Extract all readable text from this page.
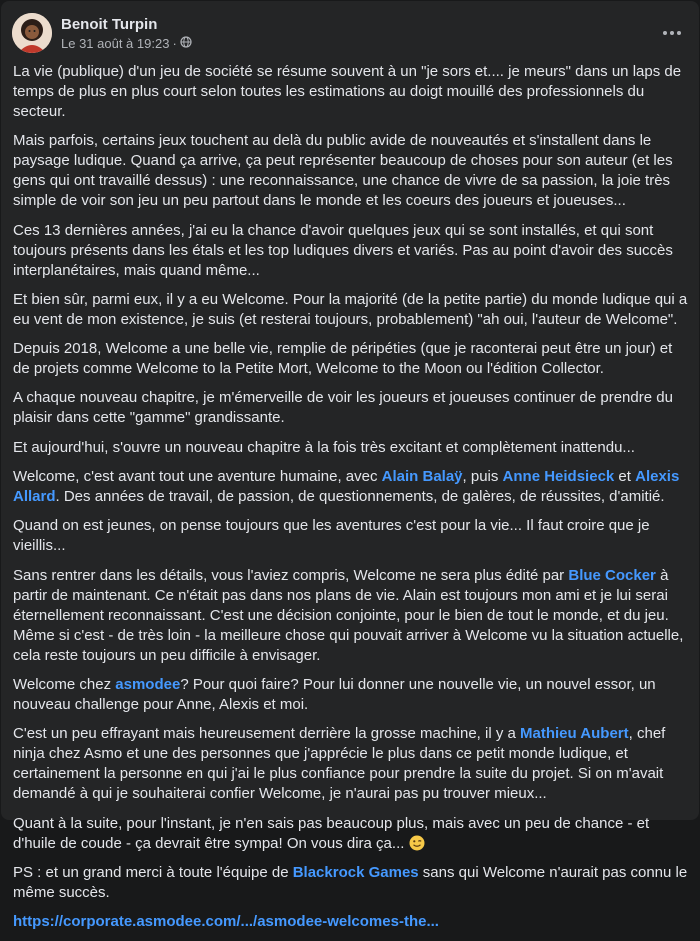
Benoit Turpin
Le 31 août à 19:23 ·

La vie (publique) d'un jeu de société se résume souvent à un "je sors et.... je meurs" dans un laps de temps de plus en plus court selon toutes les estimations au doigt mouillé des professionnels du secteur.

Mais parfois, certains jeux touchent au delà du public avide de nouveautés et s'installent dans le paysage ludique. Quand ça arrive, ça peut représenter beaucoup de choses pour son auteur (et les gens qui ont travaillé dessus) : une reconnaissance, une chance de vivre de sa passion, la joie très simple de voir son jeu un peu partout dans le monde et les coeurs des joueurs et joueuses...

Ces 13 dernières années, j'ai eu la chance d'avoir quelques jeux qui se sont installés, et qui sont toujours présents dans les étals et les top ludiques divers et variés. Pas au point d'avoir des succès interplanétaires, mais quand même...

Et bien sûr, parmi eux, il y a eu Welcome. Pour la majorité (de la petite partie) du monde ludique qui a eu vent de mon existence, je suis (et resterai toujours, probablement) "ah oui, l'auteur de Welcome".

Depuis 2018, Welcome a une belle vie, remplie de péripéties (que je raconterai peut être un jour) et de projets comme Welcome to la Petite Mort, Welcome to the Moon ou l'édition Collector.

A chaque nouveau chapitre, je m'émerveille de voir les joueurs et joueuses continuer de prendre du plaisir dans cette "gamme" grandissante.

Et aujourd'hui, s'ouvre un nouveau chapitre à la fois très excitant et complètement inattendu...

Welcome, c'est avant tout une aventure humaine, avec Alain Balaÿ, puis Anne Heidsieck et Alexis Allard. Des années de travail, de passion, de questionnements, de galères, de réussites, d'amitié.

Quand on est jeunes, on pense toujours que les aventures c'est pour la vie... Il faut croire que je vieillis...

Sans rentrer dans les détails, vous l'aviez compris, Welcome ne sera plus édité par Blue Cocker à partir de maintenant. Ce n'était pas dans nos plans de vie. Alain est toujours mon ami et je lui serai éternellement reconnaissant. C'est une décision conjointe, pour le bien de tout le monde, et du jeu. Même si c'est - de très loin - la meilleure chose qui pouvait arriver à Welcome vu la situation actuelle, cela reste toujours un peu difficile à envisager.

Welcome chez asmodee? Pour quoi faire? Pour lui donner une nouvelle vie, un nouvel essor, un nouveau challenge pour Anne, Alexis et moi.

C'est un peu effrayant mais heureusement derrière la grosse machine, il y a Mathieu Aubert, chef ninja chez Asmo et une des personnes que j'apprécie le plus dans ce petit monde ludique, et certainement la personne en qui j'ai le plus confiance pour prendre la suite du projet. Si on m'avait demandé à qui je souhaiterai confier Welcome, je n'aurai pas pu trouver mieux...

Quant à la suite, pour l'instant, je n'en sais pas beaucoup plus, mais avec un peu de chance - et d'huile de coude - ça devrait être sympa! On vous dira ça...

PS : et un grand merci à toute l'équipe de Blackrock Games sans qui Welcome n'aurait pas connu le même succès.

https://corporate.asmodee.com/.../asmodee-welcomes-the...
